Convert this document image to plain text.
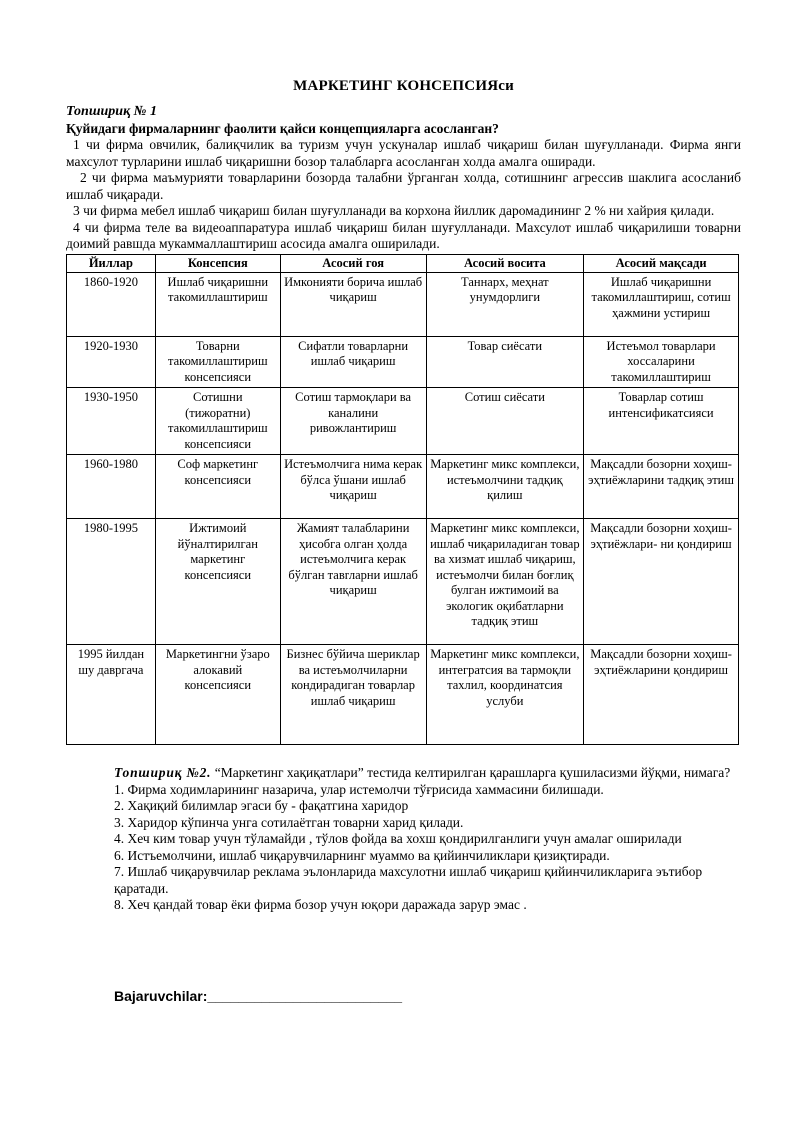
МАРКЕТИНГ КОНСЕПСИЯси

Топшириқ № 1

Қуйидаги фирмаларнинг фаолити қайси концепцияларга асосланган?

1 чи фирма овчилик, балиқчилик ва туризм учун ускуналар ишлаб чиқариш билан шуғулланади. Фирма янги махсулот турларини ишлаб чиқаришни бозор талабларга асосланган холда амалга оширади.

2 чи фирма маъмурияти товарларини бозорда талабни ўрганган холда, сотишнинг агрессив шаклига асосланиб ишлаб чиқаради.

3 чи фирма мебел ишлаб чиқариш билан шуғулланади ва корхона йиллик даромадининг 2 % ни хайрия қилади.

4 чи фирма теле ва видеоаппаратура ишлаб чиқариш билан шуғулланади. Махсулот ишлаб чиқарилиши товарни доимий равшда мукаммаллаштириш асосида амалга оширилади.

Йиллар	Консепсия	Асосий гоя	Асосий восита	Асосий мақсади
1860-1920	Ишлаб чиқаришни такомиллаштириш	Имконияти борича ишлаб чиқариш	Таннарх, меҳнат унумдорлиги	Ишлаб чиқаришни такомиллаштириш, сотиш ҳажмини устириш
1920-1930	Товарни такомиллаштириш консепсияси	Сифатли товарларни ишлаб чиқариш	Товар сиёсати	Истеъмол товарлари хоссаларини такомиллаштириш
1930-1950	Сотишни (тижоратни) такомиллаштириш консепсияси	Сотиш тармоқлари ва каналини ривожлантириш	Сотиш сиёсати	Товарлар сотиш интенсификатсияси
1960-1980	Соф маркетинг консепсияси	Истеъмолчига нима керак бўлса ўшани ишлаб чиқариш	Маркетинг микс комплекси, истеъмолчини тадқиқ қилиш	Мақсадли бозорни хоҳиш- эҳтиёжларини тадқиқ этиш
1980-1995	Ижтимоий йўналтирилган маркетинг консепсияси	Жамият талабларини ҳисобга олган ҳолда истеъмолчига керак бўлган тавrларни ишлаб чиқариш	Маркетинг микс комплекси, ишлаб чиқариладиган товар ва хизмат ишлаб чиқариш, истеъмолчи билан боғлиқ булган ижтимоий ва экологик оқибатларни тадқиқ этиш	Мақсадли бозорни хоҳиш-эҳтиёжлари- ни қондириш
1995 йилдан шу давргача	Маркетингни ўзаро алокавий консепсияси	Бизнес бўйича шериклар ва истеъмолчиларни кондирадиган товарлар ишлаб чиқариш	Маркетинг микс комплекси, интегратсия ва тармоқли тахлил, координатсия услуби	Мақсадли бозорни хоҳиш- эҳтиёжларини қондириш

Топшириқ №2. “Маркетинг хақиқатлари” тестида келтирилган қарашларга қушиласизми йўқми, нимага?

1. Фирма ходимларининг назарича, улар истемолчи тўғрисида хаммасини билишади.
2. Хақиқий билимлар эгаси бу - фақатгина харидор
3. Харидор кўпинча унга сотилаётган товарни харид қилади.
4. Хеч ким товар учун тўламайди , тўлов фойда ва хохш қондирилганлиги учун амалаг оширилади
6. Истъемолчини, ишлаб чиқарувчиларнинг муаммо ва қийинчиликлари қизиқтиради.
7. Ишлаб чиқарувчилар реклама эълонларида махсулотни ишлаб чиқариш қийинчиликларига эътибор қаратади.
8. Хеч қандай товар ёки фирма бозор учун юқори даражада зарур эмас .
Bajaruvchilar:_________________________
